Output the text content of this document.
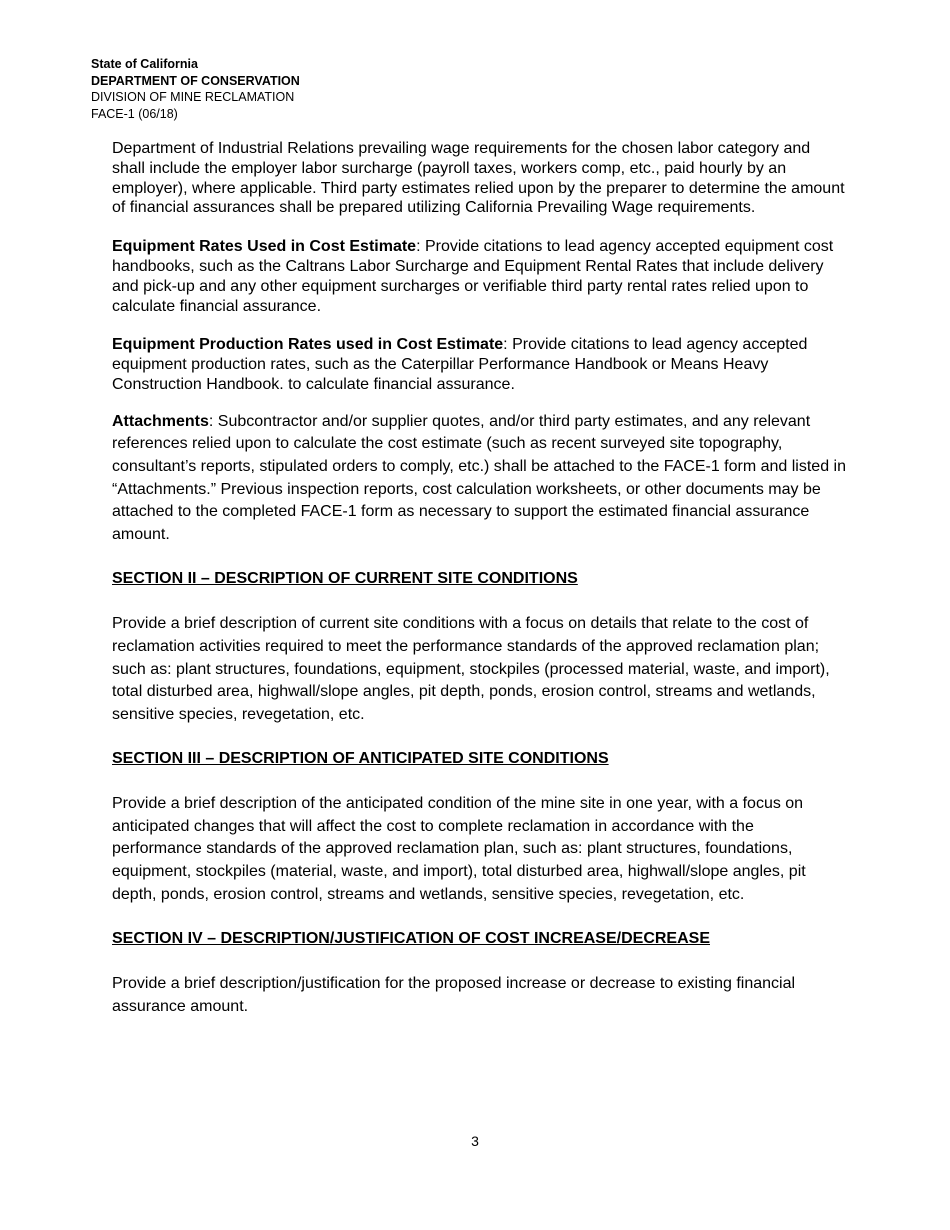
State of California
DEPARTMENT OF CONSERVATION
DIVISION OF MINE RECLAMATION
FACE-1 (06/18)

Department of Industrial Relations prevailing wage requirements for the chosen labor category and shall include the employer labor surcharge (payroll taxes, workers comp, etc., paid hourly by an employer), where applicable. Third party estimates relied upon by the preparer to determine the amount of financial assurances shall be prepared utilizing California Prevailing Wage requirements.

Equipment Rates Used in Cost Estimate: Provide citations to lead agency accepted equipment cost handbooks, such as the Caltrans Labor Surcharge and Equipment Rental Rates that include delivery and pick-up and any other equipment surcharges or verifiable third party rental rates relied upon to calculate financial assurance.

Equipment Production Rates used in Cost Estimate: Provide citations to lead agency accepted equipment production rates, such as the Caterpillar Performance Handbook or Means Heavy Construction Handbook. to calculate financial assurance.

Attachments: Subcontractor and/or supplier quotes, and/or third party estimates, and any relevant references relied upon to calculate the cost estimate (such as recent surveyed site topography, consultant’s reports, stipulated orders to comply, etc.) shall be attached to the FACE-1 form and listed in “Attachments.” Previous inspection reports, cost calculation worksheets, or other documents may be attached to the completed FACE-1 form as necessary to support the estimated financial assurance amount.

SECTION II – DESCRIPTION OF CURRENT SITE CONDITIONS

Provide a brief description of current site conditions with a focus on details that relate to the cost of reclamation activities required to meet the performance standards of the approved reclamation plan; such as: plant structures, foundations, equipment, stockpiles (processed material, waste, and import), total disturbed area, highwall/slope angles, pit depth, ponds, erosion control, streams and wetlands, sensitive species, revegetation, etc.

SECTION III – DESCRIPTION OF ANTICIPATED SITE CONDITIONS

Provide a brief description of the anticipated condition of the mine site in one year, with a focus on anticipated changes that will affect the cost to complete reclamation in accordance with the performance standards of the approved reclamation plan, such as: plant structures, foundations, equipment, stockpiles (material, waste, and import), total disturbed area, highwall/slope angles, pit depth, ponds, erosion control, streams and wetlands, sensitive species, revegetation, etc.

SECTION IV – DESCRIPTION/JUSTIFICATION OF COST INCREASE/DECREASE

Provide a brief description/justification for the proposed increase or decrease to existing financial assurance amount.

3
